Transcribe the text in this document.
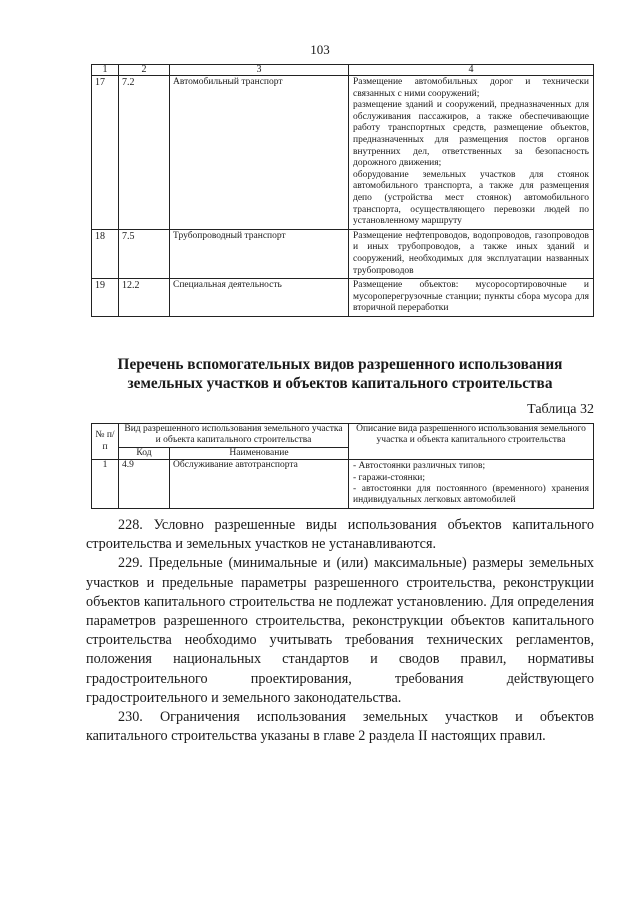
103
1	2	3	4
17	7.2	Автомобильный транспорт	Размещение автомобильных дорог и технически связанных с ними сооружений;
размещение зданий и сооружений, предназначенных для обслуживания пассажиров, а также обеспечивающие работу транспортных средств, размещение объектов, предназначенных для размещения постов органов внутренних дел, ответственных за безопасность дорожного движения;
оборудование земельных участков для стоянок автомобильного транспорта, а также для размещения депо (устройства мест стоянок) автомобильного транспорта, осуществляющего перевозки людей по установленному маршруту

18	7.5	Трубопроводный транспорт	Размещение нефтепроводов, водопроводов, газопроводов и иных трубопроводов, а также иных зданий и сооружений, необходимых для эксплуатации названных трубопроводов

19	12.2	Специальная деятельность	Размещение объектов: мусоросортировочные и мусороперегрузочные станции; пункты сбора мусора для вторичной переработки
Перечень вспомогательных видов разрешенного использования земельных участков и объектов капитального строительства
Таблица 32
№ п/п	Вид разрешенного использования земельного участка и объекта капитального строительства		Описание вида разрешенного использования земельного участка и объекта капитального строительства
	Код	Наименование	
1	4.9	Обслуживание автотранспорта	- Автостоянки различных типов;
- гаражи-стоянки;
- автостоянки для постоянного (временного) хранения индивидуальных легковых автомобилей

228. Условно разрешенные виды использования объектов капитального строительства и земельных участков не устанавливаются.

229. Предельные (минимальные и (или) максимальные) размеры земельных участков и предельные параметры разрешенного строительства, реконструкции объектов капитального строительства не подлежат установлению. Для определения параметров разрешенного строительства, реконструкции объектов капитального строительства необходимо учитывать требования технических регламентов, положения национальных стандартов и сводов правил, нормативы градостроительного проектирования, требования действующего градостроительного и земельного законодательства.

230. Ограничения использования земельных участков и объектов капитального строительства указаны в главе 2 раздела II настоящих правил.
